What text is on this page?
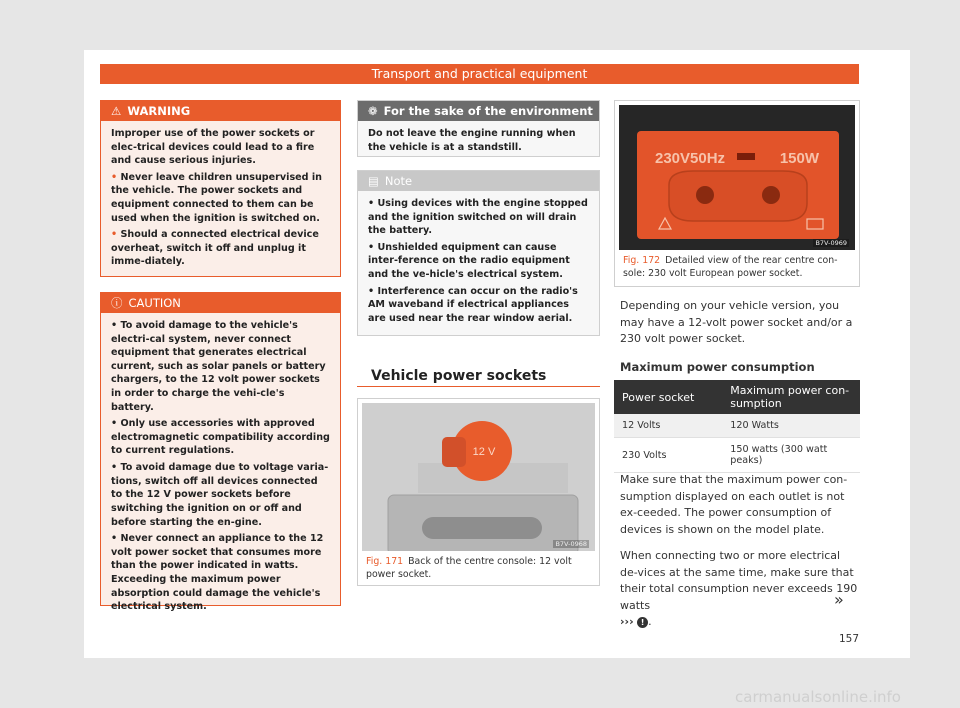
Transport and practical equipment
⚠ WARNING

Improper use of the power sockets or elec-trical devices could lead to a fire and cause serious injuries.

• Never leave children unsupervised in the vehicle. The power sockets and equipment connected to them can be used when the ignition is switched on.

• Should a connected electrical device overheat, switch it off and unplug it imme-diately.

ⓘ CAUTION

• To avoid damage to the vehicle's electri-cal system, never connect equipment that generates electrical current, such as solar panels or battery chargers, to the 12 volt power sockets in order to charge the vehi-cle's battery.

• Only use accessories with approved electromagnetic compatibility according to current regulations.

• To avoid damage due to voltage varia-tions, switch off all devices connected to the 12 V power sockets before switching the ignition on or off and before starting the en-gine.

• Never connect an appliance to the 12 volt power socket that consumes more than the power indicated in watts. Exceeding the maximum power absorption could damage the vehicle's electrical system.

❁ For the sake of the environment

Do not leave the engine running when the vehicle is at a standstill.

▤ Note

• Using devices with the engine stopped and the ignition switched on will drain the battery.

• Unshielded equipment can cause inter-ference on the radio equipment and the ve-hicle's electrical system.

• Interference can occur on the radio's AM waveband if electrical appliances are used near the rear window aerial.

Vehicle power sockets
12 V
B7V-0968
Fig. 171 Back of the centre console: 12 volt power socket.
230V50Hz	150W
B7V-0969
Fig. 172 Detailed view of the rear centre con-sole: 230 volt European power socket.
Depending on your vehicle version, you may have a 12-volt power socket and/or a 230 volt power socket.
Maximum power consumption
Power socket	Maximum power con-sumption
12 Volts	120 Watts
230 Volts	150 watts (300 watt peaks)
Make sure that the maximum power con-sumption displayed on each outlet is not ex-ceeded. The power consumption of devices is shown on the model plate.
When connecting two or more electrical de-vices at the same time, make sure that their total consumption never exceeds 190 watts
››› ! .
»
157
carmanualsonline.info
